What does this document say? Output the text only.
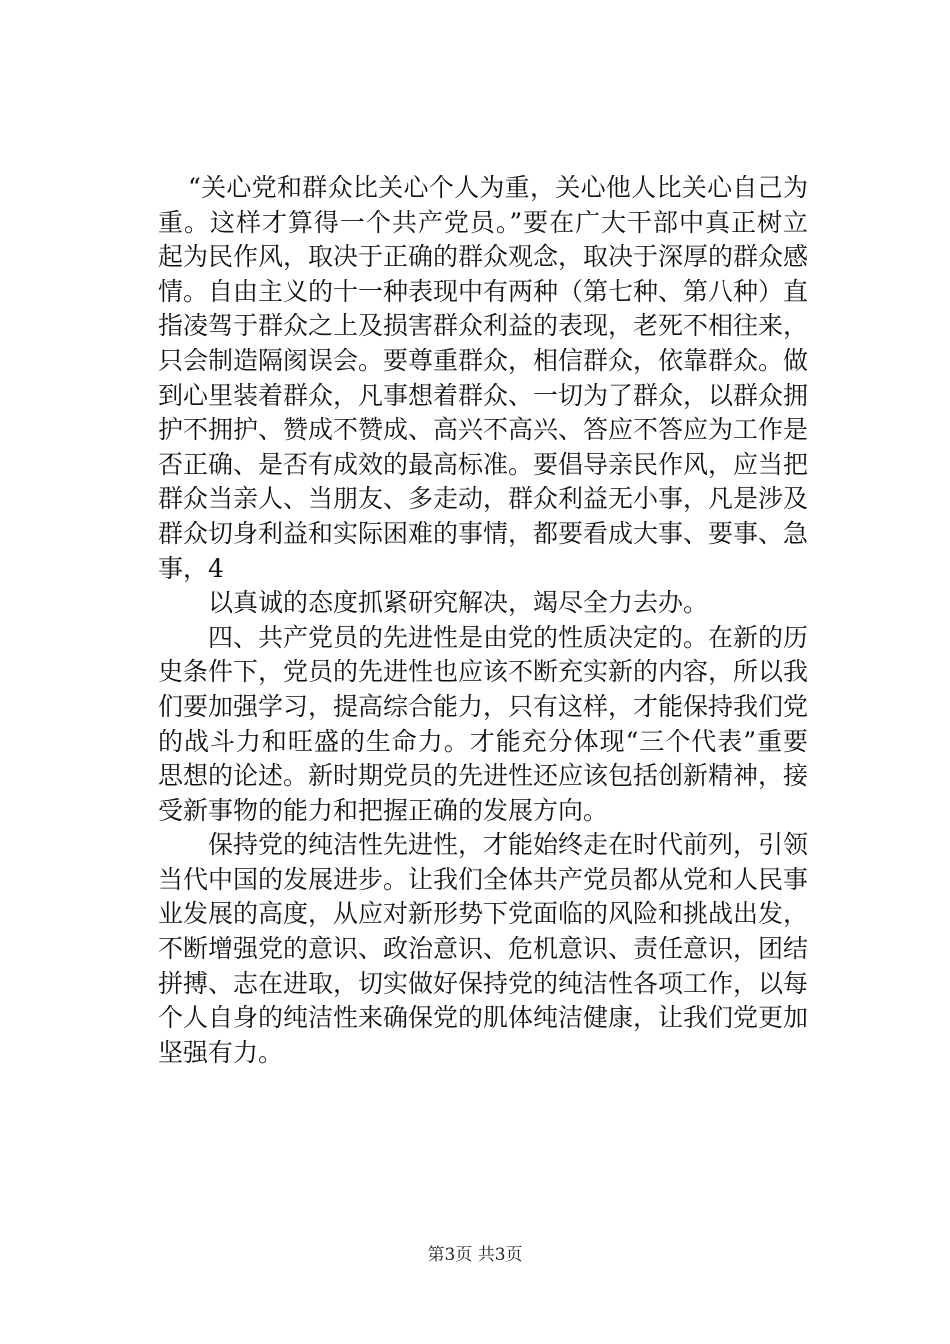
“关心党和群众比关心个人为重，关心他人比关心自己为重。这样才算得一个共产党员。”要在广大干部中真正树立起为民作风，取决于正确的群众观念，取决于深厚的群众感情。自由主义的十一种表现中有两种（第七种、第八种）直指凌驾于群众之上及损害群众利益的表现，老死不相往来，只会制造隔阂误会。要尊重群众，相信群众，依靠群众。做到心里装着群众，凡事想着群众、一切为了群众，以群众拥护不拥护、赞成不赞成、高兴不高兴、答应不答应为工作是否正确、是否有成效的最高标准。要倡导亲民作风，应当把群众当亲人、当朋友、多走动，群众利益无小事，凡是涉及群众切身利益和实际困难的事情，都要看成大事、要事、急事，4

以真诚的态度抓紧研究解决，竭尽全力去办。

四、共产党员的先进性是由党的性质决定的。在新的历史条件下，党员的先进性也应该不断充实新的内容，所以我们要加强学习，提高综合能力，只有这样，才能保持我们党的战斗力和旺盛的生命力。才能充分体现“三个代表”重要思想的论述。新时期党员的先进性还应该包括创新精神，接受新事物的能力和把握正确的发展方向。

保持党的纯洁性先进性，才能始终走在时代前列，引领当代中国的发展进步。让我们全体共产党员都从党和人民事业发展的高度，从应对新形势下党面临的风险和挑战出发，不断增强党的意识、政治意识、危机意识、责任意识，团结拼搏、志在进取，切实做好保持党的纯洁性各项工作，以每个人自身的纯洁性来确保党的肌体纯洁健康，让我们党更加坚强有力。

第3页 共3页
